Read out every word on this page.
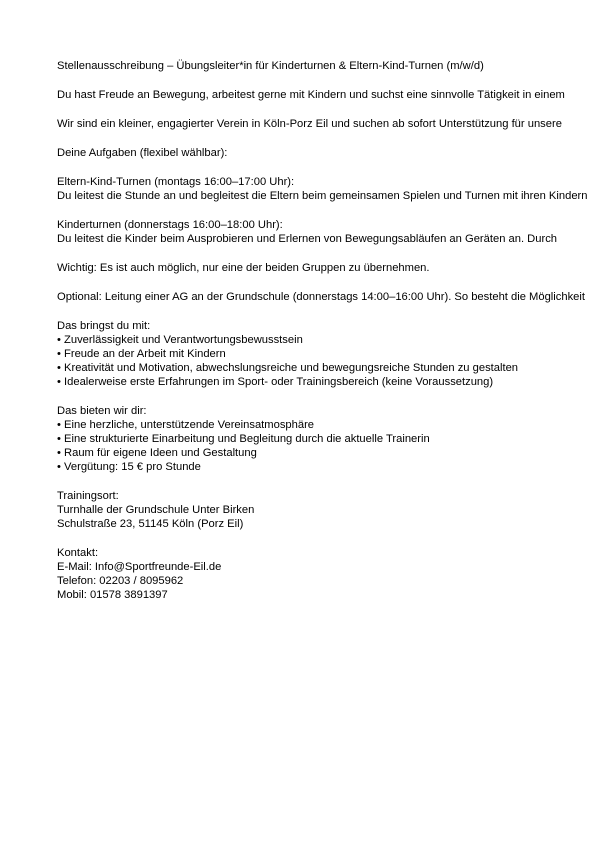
Stellenausschreibung – Übungsleiter*in für Kinderturnen & Eltern-Kind-Turnen (m/w/d)
Du hast Freude an Bewegung, arbeitest gerne mit Kindern und suchst eine sinnvolle Tätigkeit in einem
Wir sind ein kleiner, engagierter Verein in Köln-Porz Eil und suchen ab sofort Unterstützung für unsere
Deine Aufgaben (flexibel wählbar):
Eltern-Kind-Turnen (montags 16:00–17:00 Uhr):
Du leitest die Stunde an und begleitest die Eltern beim gemeinsamen Spielen und Turnen mit ihren Kindern
Kinderturnen (donnerstags 16:00–18:00 Uhr):
Du leitest die Kinder beim Ausprobieren und Erlernen von Bewegungsabläufen an Geräten an. Durch
Wichtig: Es ist auch möglich, nur eine der beiden Gruppen zu übernehmen.
Optional: Leitung einer AG an der Grundschule (donnerstags 14:00–16:00 Uhr). So besteht die Möglichkeit
Das bringst du mit:
• Zuverlässigkeit und Verantwortungsbewusstsein
• Freude an der Arbeit mit Kindern
• Kreativität und Motivation, abwechslungsreiche und bewegungsreiche Stunden zu gestalten
• Idealerweise erste Erfahrungen im Sport- oder Trainingsbereich (keine Voraussetzung)
Das bieten wir dir:
• Eine herzliche, unterstützende Vereinsatmosphäre
• Eine strukturierte Einarbeitung und Begleitung durch die aktuelle Trainerin
• Raum für eigene Ideen und Gestaltung
• Vergütung: 15 € pro Stunde
Trainingsort:
Turnhalle der Grundschule Unter Birken
Schulstraße 23, 51145 Köln (Porz Eil)
Kontakt:
E-Mail: Info@Sportfreunde-Eil.de
Telefon: 02203 / 8095962
Mobil: 01578 3891397
